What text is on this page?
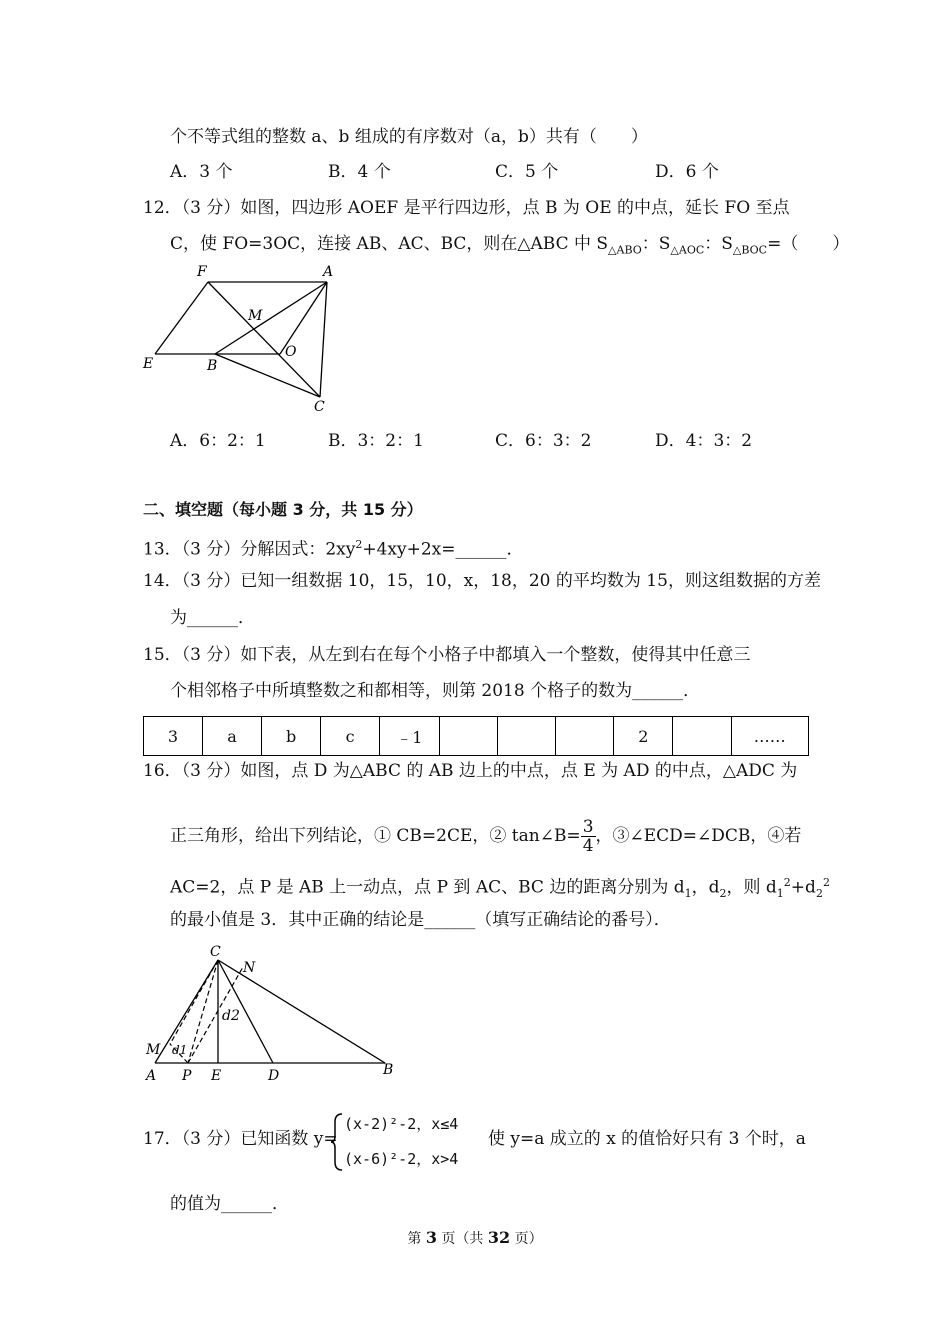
个不等式组的整数 a、b 组成的有序数对（a，b）共有（　　）
A．3 个	B．4 个	C．5 个	D．6 个
12．（3 分）如图，四边形 AOEF 是平行四边形，点 B 为 OE 的中点，延长 FO 至点
C，使 FO=3OC，连接 AB、AC、BC，则在△ABC 中 $S_{\triangle ABO}$：$S_{\triangle AOC}$：$S_{\triangle BOC}=$（　　）
F	A
M
E	B
O
C
A．6：2：1	B．3：2：1	C．6：3：2	D．4：3：2
二、填空题（每小题 3 分，共 15 分）
13．（3 分）分解因式：$2xy^2+4xy+2x=\_\_\_\_\_\_$．
14．（3 分）已知一组数据 10，15，10，x，18，20 的平均数为 15，则这组数据的方差
为______．
15．（3 分）如下表，从左到右在每个小格子中都填入一个整数，使得其中任意三
个相邻格子中所填整数之和都相等，则第 2018 个格子的数为______．
3	a	b	c	﹣1				2		……
16．（3 分）如图，点 D 为△ABC 的 AB 边上的中点，点 E 为 AD 的中点，△ADC 为
正三角形，给出下列结论，① CB=2CE，② tan∠B= $\frac{3}{4}$ ，③∠ECD=∠DCB，④若
AC=2，点 P 是 AB 上一动点，点 P 到 AC、BC 边的距离分别为 $d_1$，$d_2$，则 $d_1^2+d_2^2$
的最小值是 3．其中正确的结论是______（填写正确结论的番号）．
C
N
d2
M d1
A P E	D	B
17．（3 分）已知函数 y=
(x-2)²-2，x≤4
(x-6)²-2，x>4
使 y=a 成立的 x 的值恰好只有 3 个时，a
的值为______．
第 3 页（共 32 页）
